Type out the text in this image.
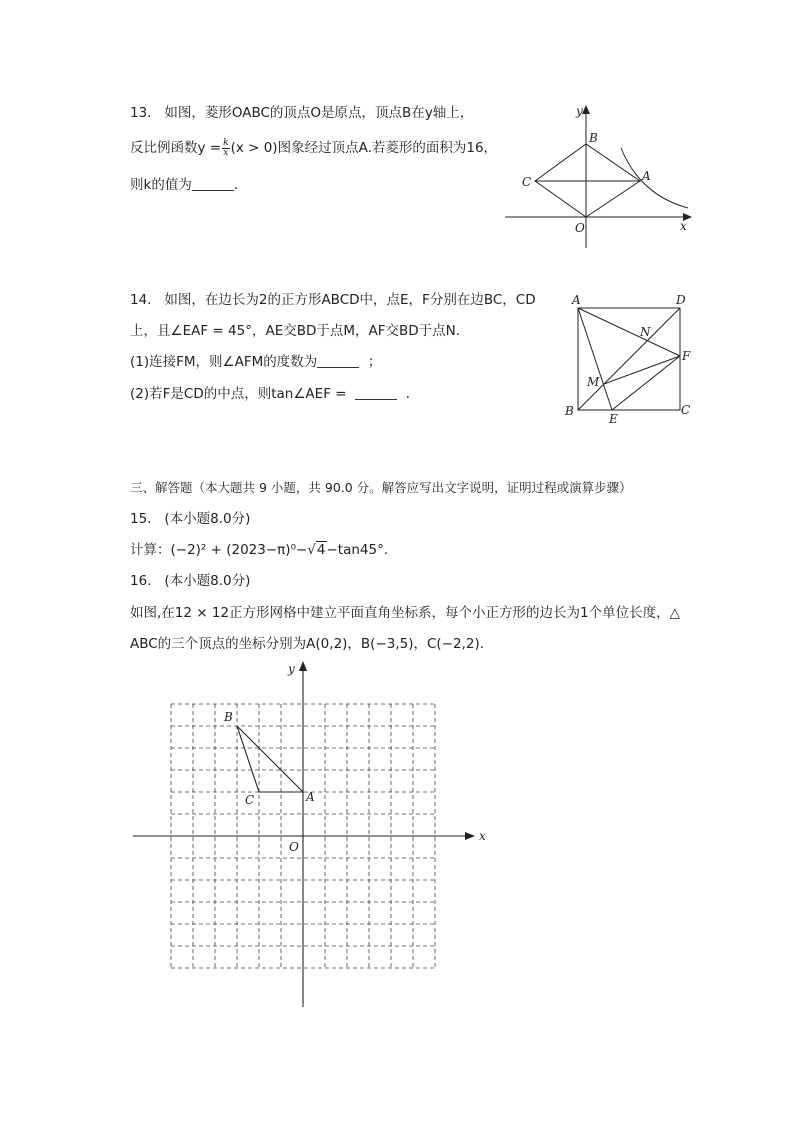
13. 如图，菱形OABC的顶点O是原点，顶点B在y轴上，
反比例函数$y = \frac{k}{x} (x > 0)$图象经过顶点A.若菱形的面积为16，
则k的值为	．
y
B
A
C
O	x
14. 如图，在边长为2的正方形ABCD中，点E，F分别在边BC，CD
上，且∠EAF = 45°，AE交BD于点M，AF交BD于点N．
(1)连接FM，则∠AFM的度数为	；
(2)若F是CD的中点，则tan∠AEF =	．
A	D
N
F
M
B
E
C
三、解答题（本大题共 9 小题，共 90.0 分。解答应写出文字说明，证明过程或演算步骤）
15. (本小题8.0分)
计算：(−2)² + (2023−π)⁰−√4−tan45°.
16. (本小题8.0分)
如图,在12 × 12正方形网格中建立平面直角坐标系，每个小正方形的边长为1个单位长度，△
ABC的三个顶点的坐标分别为A(0,2)，B(−3,5)，C(−2,2)．
y
x
O
B
C	A
